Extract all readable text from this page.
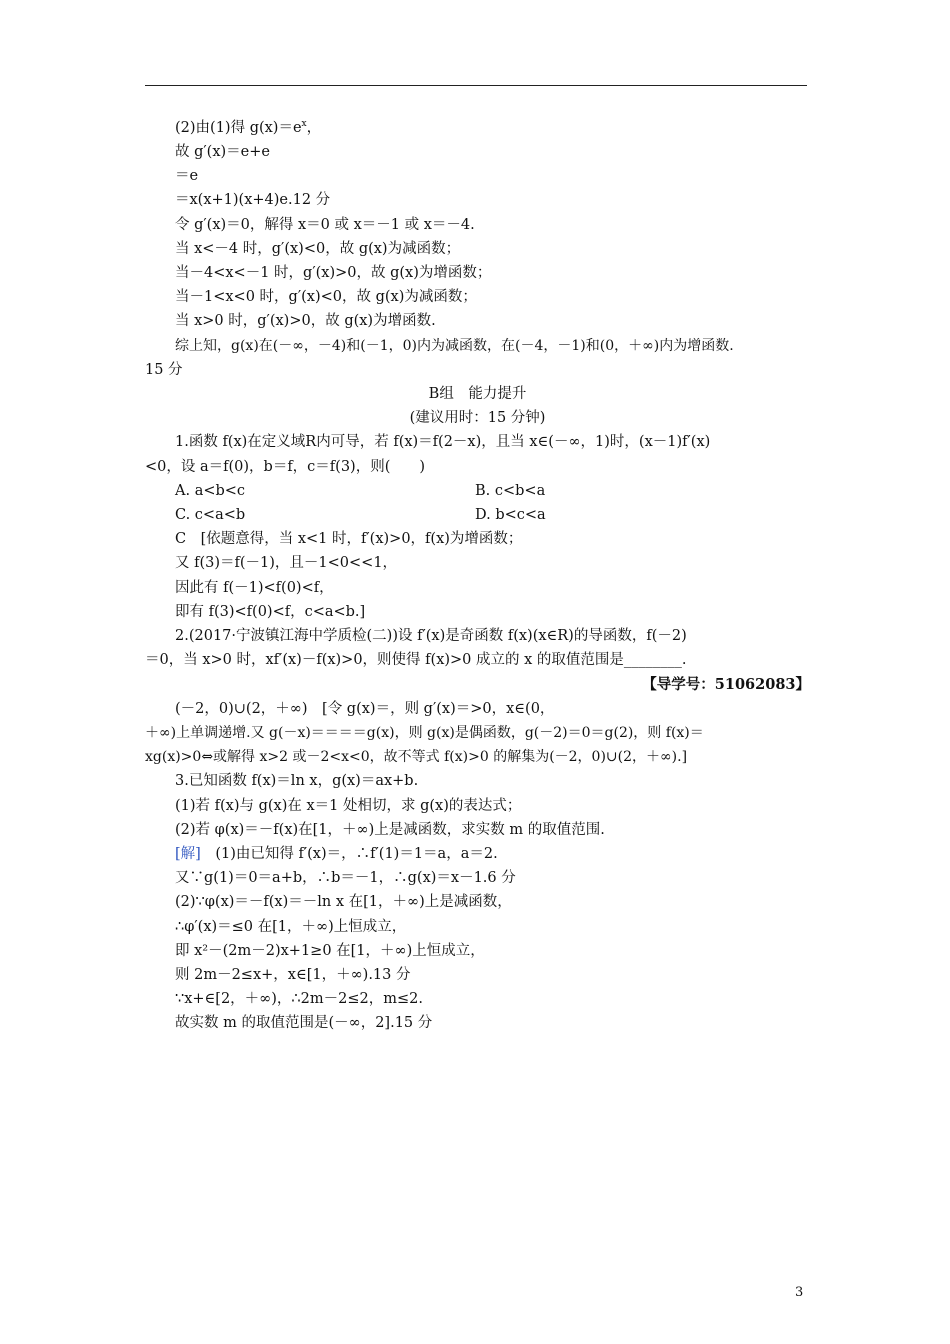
(2)由(1)得 $g(x)=e^x$，
故 g′(x)＝e+e
＝e
＝x(x+1)(x+4)e.12 分
令 g′(x)＝0，解得 x＝0 或 x＝－1 或 x＝－4.
当 x<－4 时，g′(x)<0，故 g(x)为减函数；
当－4<x<－1 时，g′(x)>0，故 g(x)为增函数；
当－1<x<0 时，g′(x)<0，故 g(x)为减函数；
当 x>0 时，g′(x)>0，故 g(x)为增函数.
综上知，g(x)在(－∞，－4)和(－1，0)内为减函数，在(－4，－1)和(0，＋∞)内为增函数.
15 分
B组　能力提升
(建议用时：15 分钟)
1.函数 f(x)在定义域R内可导，若 f(x)＝f(2－x)，且当 x∈(－∞，1)时，(x－1)f′(x)
<0，设 a＝f(0)，b＝f，c＝f(3)，则(　　)
A. a<b<c	B. c<b<a
C. c<a<b	D. b<c<a
C　[依题意得，当 x<1 时，f′(x)>0，f(x)为增函数；
又 f(3)＝f(－1)，且－1<0<<1，
因此有 f(－1)<f(0)<f，
即有 f(3)<f(0)<f，c<a<b.]
2.(2017·宁波镇江海中学质检(二))设 f′(x)是奇函数 f(x)(x∈R)的导函数，f(－2)
＝0，当 x>0 时，xf′(x)－f(x)>0，则使得 f(x)>0 成立的 x 的取值范围是________.
【导学号：51062083】
(－2，0)∪(2，＋∞)　[令 g(x)＝，则 g′(x)＝>0，x∈(0，
＋∞)上单调递增.又 g(－x)＝＝＝＝g(x)，则 g(x)是偶函数，g(－2)＝0＝g(2)，则 f(x)＝
xg(x)>0⇔或解得 x>2 或－2<x<0，故不等式 f(x)>0 的解集为(－2，0)∪(2，＋∞).]
3.已知函数 f(x)＝ln x，g(x)＝ax+b.
(1)若 f(x)与 g(x)在 x＝1 处相切，求 g(x)的表达式；
(2)若 φ(x)＝－f(x)在[1，＋∞)上是减函数，求实数 m 的取值范围.
[解]　 (1)由已知得 f′(x)＝，∴f′(1)＝1＝a，a＝2.
又∵g(1)＝0＝a+b，∴b＝－1，∴g(x)＝x－1.6 分
(2)∵φ(x)＝－f(x)＝－ln x 在[1，＋∞)上是减函数，
∴φ′(x)＝≤0 在[1，＋∞)上恒成立，
即 x²－(2m－2)x+1≥0 在[1，＋∞)上恒成立，
则 2m－2≤x+，x∈[1，＋∞).13 分
∵x+∈[2，＋∞)，∴2m－2≤2，m≤2.
故实数 m 的取值范围是(－∞，2].15 分
3
